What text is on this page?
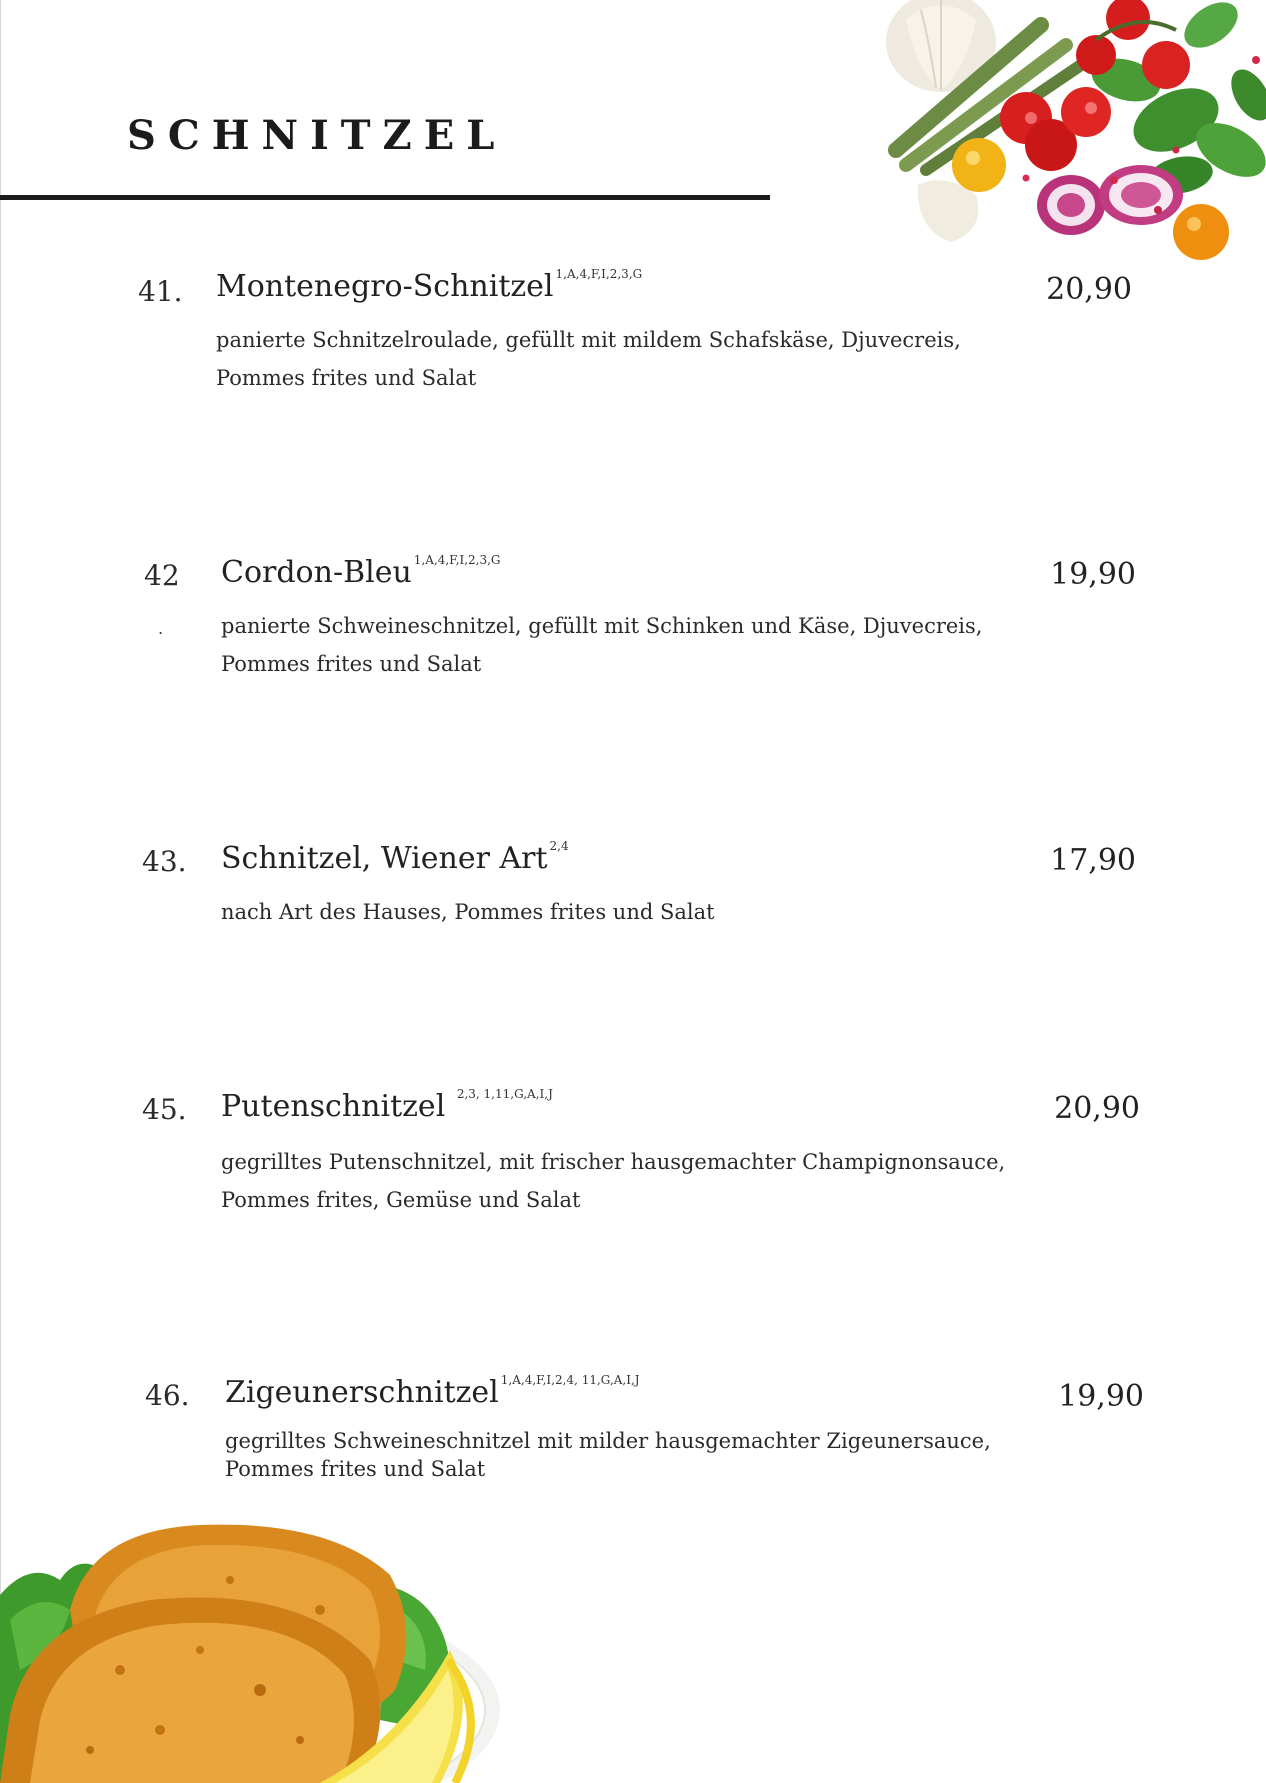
SCHNITZEL
41. Montenegro-Schnitzel $^{1,A,4,F,I,2,3,G}$	20,90
panierte Schnitzelroulade, gefüllt mit mildem Schafskäse, Djuvecreis, Pommes frites und Salat
42
.
Cordon-Bleu $^{1,A,4,F,I,2,3,G}$	19,90
panierte Schweineschnitzel, gefüllt mit Schinken und Käse, Djuvecreis, Pommes frites und Salat
43. Schnitzel, Wiener Art $^{2,4}$	17,90
nach Art des Hauses, Pommes frites und Salat
45. Putenschnitzel $^{2,3, 1,11,G,A,I,J}$	20,90
gegrilltes Putenschnitzel, mit frischer hausgemachter Champignonsauce, Pommes frites, Gemüse und Salat
46. Zigeunerschnitzel $^{1,A,4,F,I,2,4, 11,G,A,I,J}$	19,90
gegrilltes Schweineschnitzel mit milder hausgemachter Zigeunersauce, Pommes frites und Salat
